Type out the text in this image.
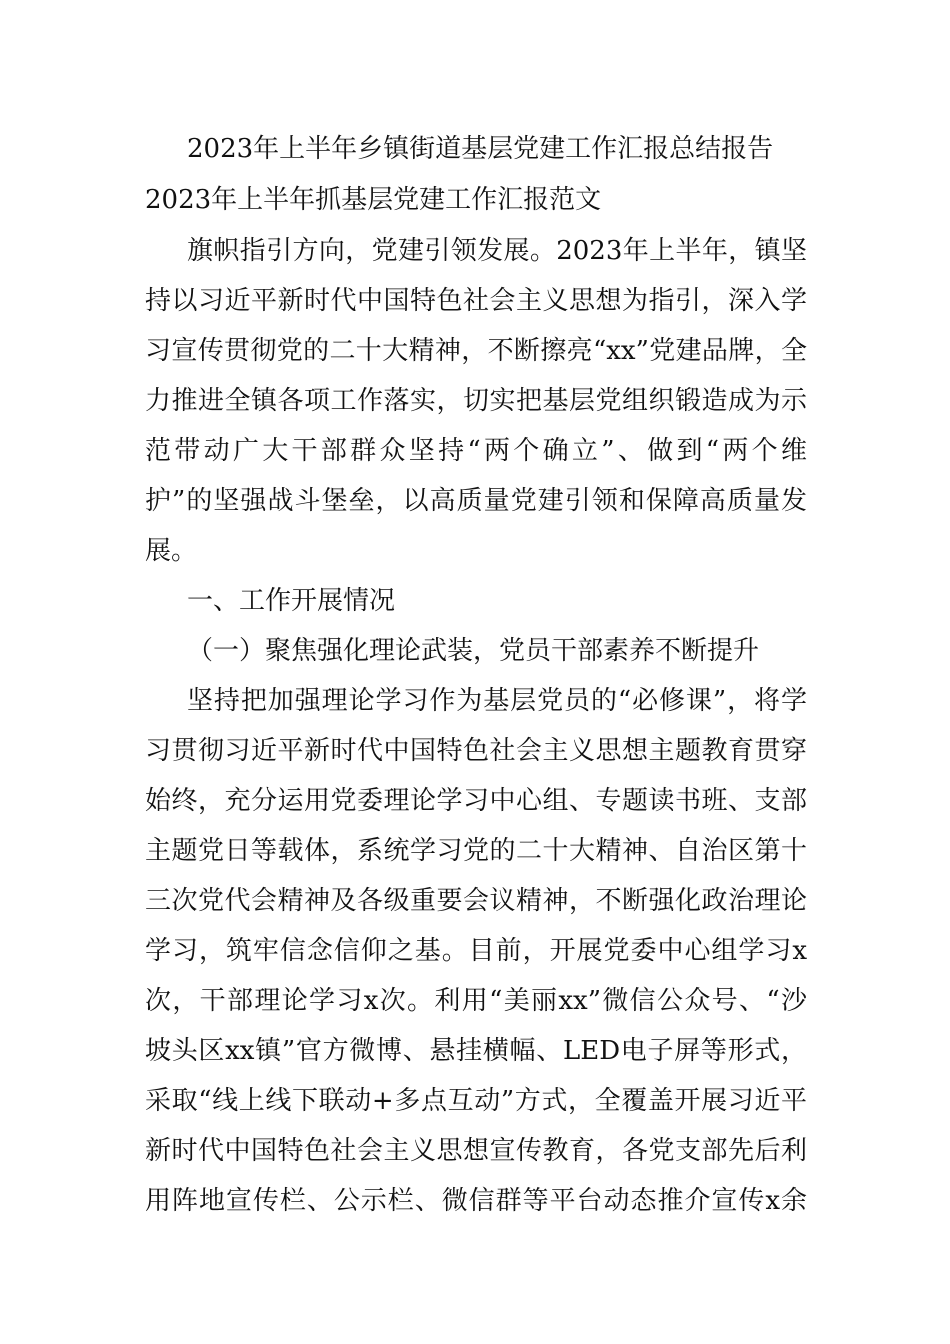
2023年上半年乡镇街道基层党建工作汇报总结报告
2023年上半年抓基层党建工作汇报范文
旗帜指引方向，党建引领发展。2023年上半年，镇坚
持以习近平新时代中国特色社会主义思想为指引，深入学
习宣传贯彻党的二十大精神，不断擦亮“xx”党建品牌，全
力推进全镇各项工作落实，切实把基层党组织锻造成为示
范带动广大干部群众坚持“两个确立”、做到“两个维
护”的坚强战斗堡垒，以高质量党建引领和保障高质量发
展。
一、工作开展情况
（一）聚焦强化理论武装，党员干部素养不断提升
坚持把加强理论学习作为基层党员的“必修课”，将学
习贯彻习近平新时代中国特色社会主义思想主题教育贯穿
始终，充分运用党委理论学习中心组、专题读书班、支部
主题党日等载体，系统学习党的二十大精神、自治区第十
三次党代会精神及各级重要会议精神，不断强化政治理论
学习，筑牢信念信仰之基。目前，开展党委中心组学习x
次，干部理论学习x次。利用“美丽xx”微信公众号、“沙
坡头区xx镇”官方微博、悬挂横幅、LED电子屏等形式，
采取“线上线下联动+多点互动”方式，全覆盖开展习近平
新时代中国特色社会主义思想宣传教育，各党支部先后利
用阵地宣传栏、公示栏、微信群等平台动态推介宣传x余
